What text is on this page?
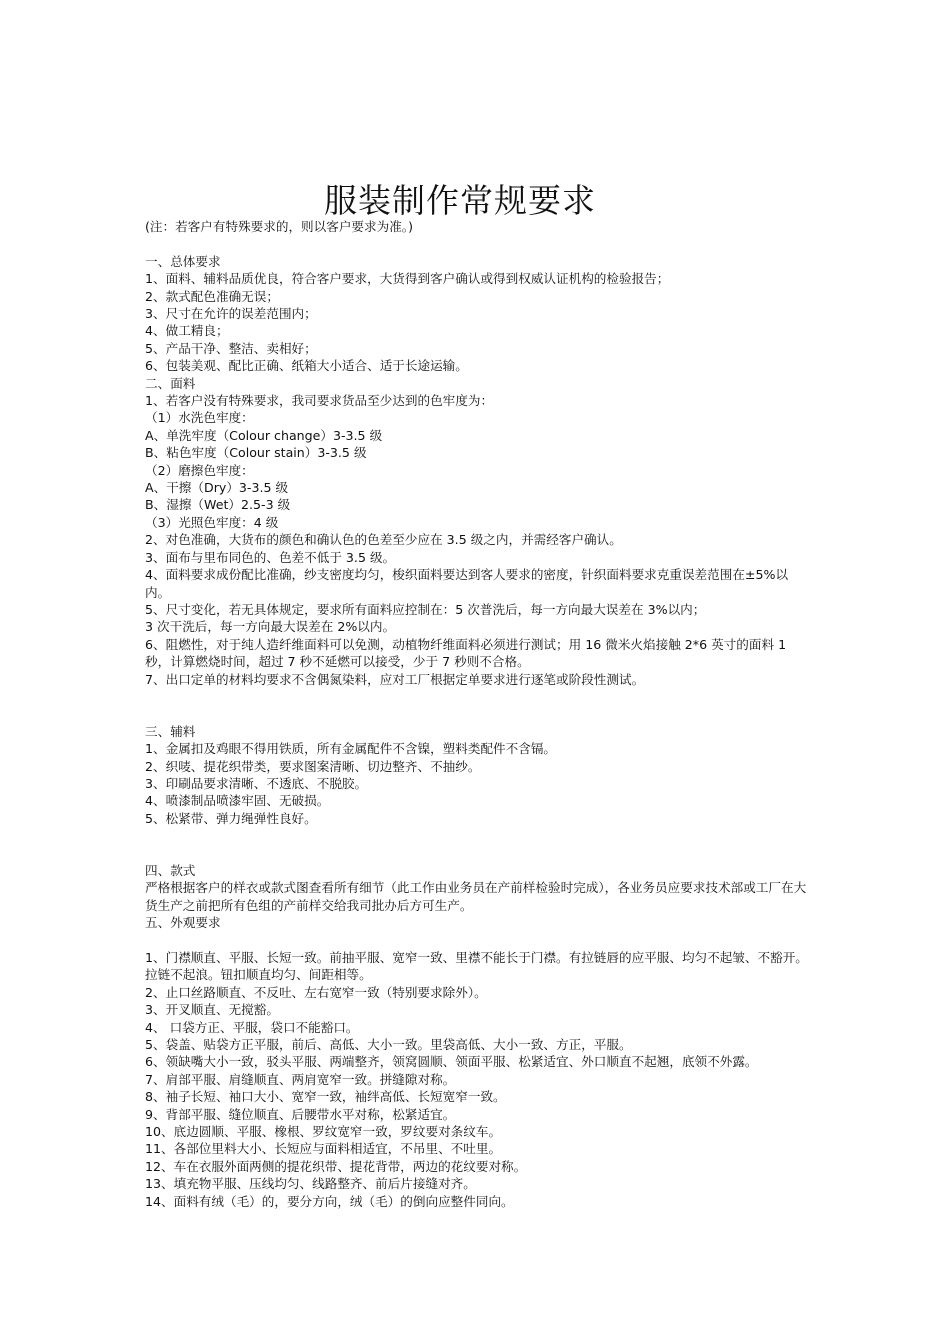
服装制作常规要求

(注：若客户有特殊要求的，则以客户要求为准。)

一、总体要求

1、面料、辅料品质优良，符合客户要求，大货得到客户确认或得到权威认证机构的检验报告；

2、款式配色准确无误；

3、尺寸在允许的误差范围内；

4、做工精良；

5、产品干净、整洁、卖相好；

6、包装美观、配比正确、纸箱大小适合、适于长途运输。

二、面料

1、若客户没有特殊要求，我司要求货品至少达到的色牢度为：

（1）水洗色牢度：

A、单洗牢度（Colour change）3-3.5 级

B、粘色牢度（Colour stain）3-3.5 级

（2）磨擦色牢度：

A、干擦（Dry）3-3.5 级

B、湿擦（Wet）2.5-3 级

（3）光照色牢度：4 级

2、对色准确，大货布的颜色和确认色的色差至少应在 3.5 级之内，并需经客户确认。

3、面布与里布同色的、色差不低于 3.5 级。

4、面料要求成份配比准确，纱支密度均匀，梭织面料要达到客人要求的密度，针织面料要求克重误差范围在±5%以内。

5、尺寸变化，若无具体规定，要求所有面料应控制在：5 次普洗后，每一方向最大误差在 3%以内；

3 次干洗后，每一方向最大误差在 2%以内。

6、阻燃性，对于纯人造纤维面料可以免测，动植物纤维面料必须进行测试；用 16 微米火焰接触 2*6 英寸的面料 1 秒，计算燃烧时间，超过 7 秒不延燃可以接受，少于 7 秒则不合格。

7、出口定单的材料均要求不含偶氮染料，应对工厂根据定单要求进行逐笔或阶段性测试。

三、辅料

1、金属扣及鸡眼不得用铁质，所有金属配件不含镍，塑料类配件不含镉。

2、织唛、提花织带类，要求图案清晰、切边整齐、不抽纱。

3、印刷品要求清晰、不透底、不脱胶。

4、喷漆制品喷漆牢固、无破损。

5、松紧带、弹力绳弹性良好。

四、款式

严格根据客户的样衣或款式图查看所有细节（此工作由业务员在产前样检验时完成），各业务员应要求技术部或工厂在大货生产之前把所有色组的产前样交给我司批办后方可生产。

五、外观要求

1、门襟顺直、平服、长短一致。前抽平服、宽窄一致、里襟不能长于门襟。有拉链唇的应平服、均匀不起皱、不豁开。拉链不起浪。钮扣顺直均匀、间距相等。

2、止口丝路顺直、不反吐、左右宽窄一致（特别要求除外）。

3、开叉顺直、无搅豁。

4、 口袋方正、平服，袋口不能豁口。

5、袋盖、贴袋方正平服，前后、高低、大小一致。里袋高低、大小一致、方正，平服。

6、领缺嘴大小一致，驳头平服、两端整齐，领窝圆顺、领面平服、松紧适宜、外口顺直不起翘，底领不外露。

7、肩部平服、肩缝顺直、两肩宽窄一致。拼缝隙对称。

8、袖子长短、袖口大小、宽窄一致，袖绊高低、长短宽窄一致。

9、背部平服、缝位顺直、后腰带水平对称，松紧适宜。

10、底边圆顺、平服、橡根、罗纹宽窄一致，罗纹要对条纹车。

11、各部位里料大小、长短应与面料相适宜，不吊里、不吐里。

12、车在衣服外面两侧的提花织带、提花背带，两边的花纹要对称。

13、填充物平服、压线均匀、线路整齐、前后片接缝对齐。

14、面料有绒（毛）的，要分方向，绒（毛）的倒向应整件同向。
